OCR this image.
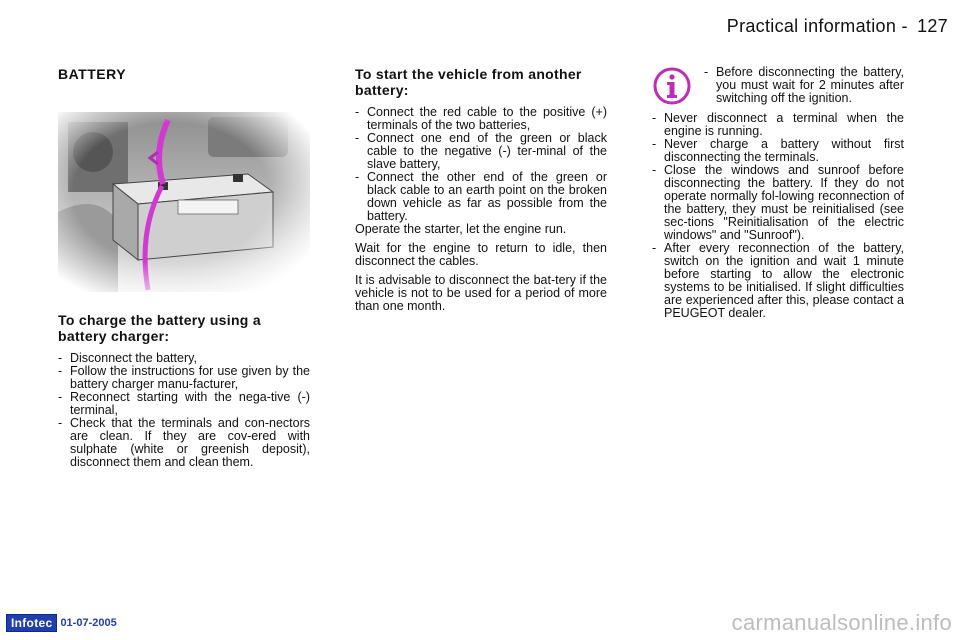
Practical information - 127
BATTERY
To charge the battery using a battery charger:
- Disconnect the battery,
- Follow the instructions for use given by the battery charger manu-facturer,
- Reconnect starting with the nega-tive (-) terminal,
- Check that the terminals and con-nectors are clean. If they are cov-ered with sulphate (white or greenish deposit), disconnect them and clean them.
To start the vehicle from another battery:
- Connect the red cable to the positive (+) terminals of the two batteries,
- Connect one end of the green or black cable to the negative (-) ter-minal of the slave battery,
- Connect the other end of the green or black cable to an earth point on the broken down vehicle as far as possible from the battery.

Operate the starter, let the engine run.

Wait for the engine to return to idle, then disconnect the cables.

It is advisable to disconnect the bat-tery if the vehicle is not to be used for a period of more than one month.

- Before disconnecting the battery, you must wait for 2 minutes after switching off the ignition.
- Never disconnect a terminal when the engine is running.
- Never charge a battery without first disconnecting the terminals.
- Close the windows and sunroof before disconnecting the battery. If they do not operate normally fol-lowing reconnection of the battery, they must be reinitialised (see sec-tions "Reinitialisation of the electric windows" and "Sunroof").
- After every reconnection of the battery, switch on the ignition and wait 1 minute before starting to allow the electronic systems to be initialised. If slight difficulties are experienced after this, please contact a PEUGEOT dealer.
Infotec 01-07-2005	carmanualsonline.info
